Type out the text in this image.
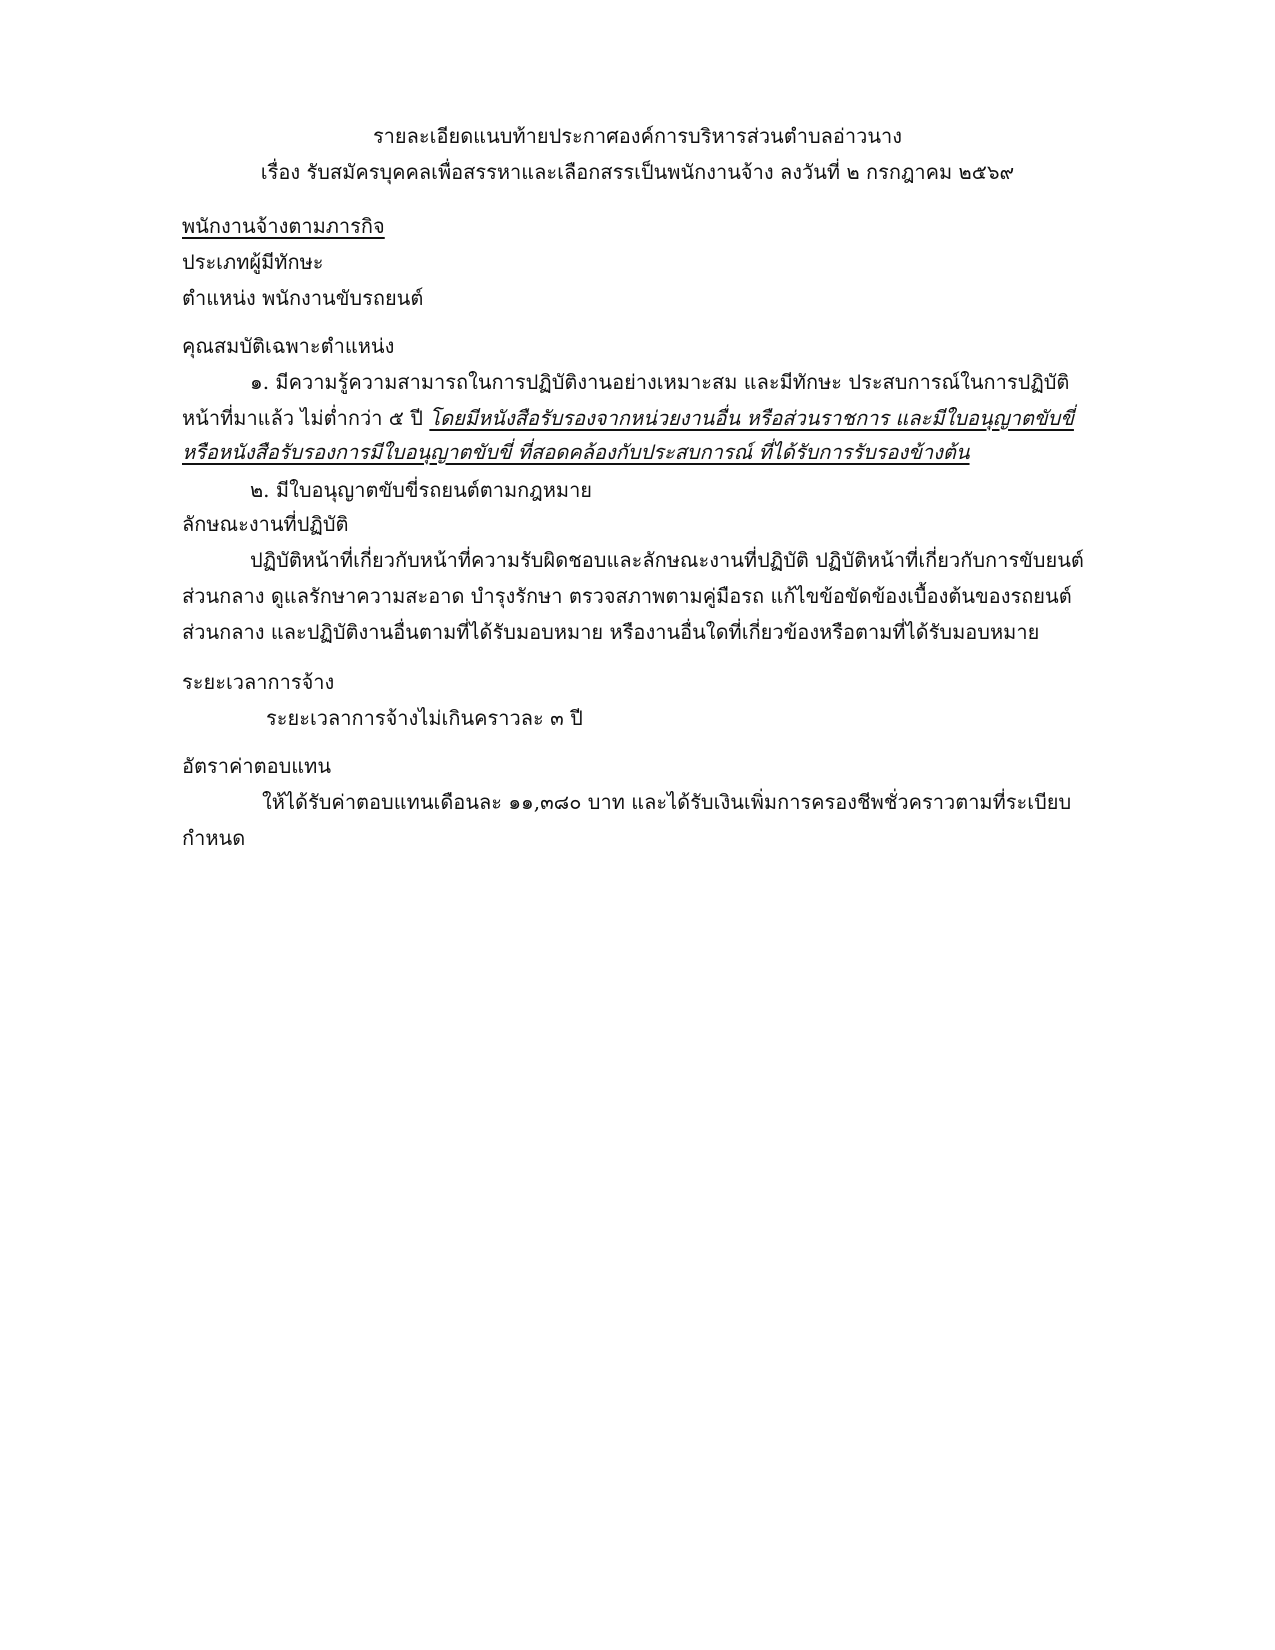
รายละเอียดแนบท้ายประกาศองค์การบริหารส่วนตำบลอ่าวนาง
เรื่อง รับสมัครบุคคลเพื่อสรรหาและเลือกสรรเป็นพนักงานจ้าง ลงวันที่ ๒ กรกฎาคม ๒๕๖๙
พนักงานจ้างตามภารกิจ
ประเภทผู้มีทักษะ
ตำแหน่ง พนักงานขับรถยนต์
คุณสมบัติเฉพาะตำแหน่ง
๑. มีความรู้ความสามารถในการปฏิบัติงานอย่างเหมาะสม และมีทักษะ ประสบการณ์ในการปฏิบัติ
หน้าที่มาแล้ว ไม่ต่ำกว่า ๕ ปี โดยมีหนังสือรับรองจากหน่วยงานอื่น หรือส่วนราชการ และมีใบอนุญาตขับขี่
หรือหนังสือรับรองการมีใบอนุญาตขับขี่ ที่สอดคล้องกับประสบการณ์ ที่ได้รับการรับรองข้างต้น
๒. มีใบอนุญาตขับขี่รถยนต์ตามกฎหมาย
ลักษณะงานที่ปฏิบัติ
ปฏิบัติหน้าที่เกี่ยวกับหน้าที่ความรับผิดชอบและลักษณะงานที่ปฏิบัติ ปฏิบัติหน้าที่เกี่ยวกับการขับยนต์
ส่วนกลาง ดูแลรักษาความสะอาด บำรุงรักษา ตรวจสภาพตามคู่มือรถ แก้ไขข้อขัดข้องเบื้องต้นของรถยนต์
ส่วนกลาง และปฏิบัติงานอื่นตามที่ได้รับมอบหมาย หรืองานอื่นใดที่เกี่ยวข้องหรือตามที่ได้รับมอบหมาย
ระยะเวลาการจ้าง
ระยะเวลาการจ้างไม่เกินคราวละ ๓ ปี
อัตราค่าตอบแทน
ให้ได้รับค่าตอบแทนเดือนละ ๑๑,๓๘๐ บาท และได้รับเงินเพิ่มการครองชีพชั่วคราวตามที่ระเบียบ
กำหนด
